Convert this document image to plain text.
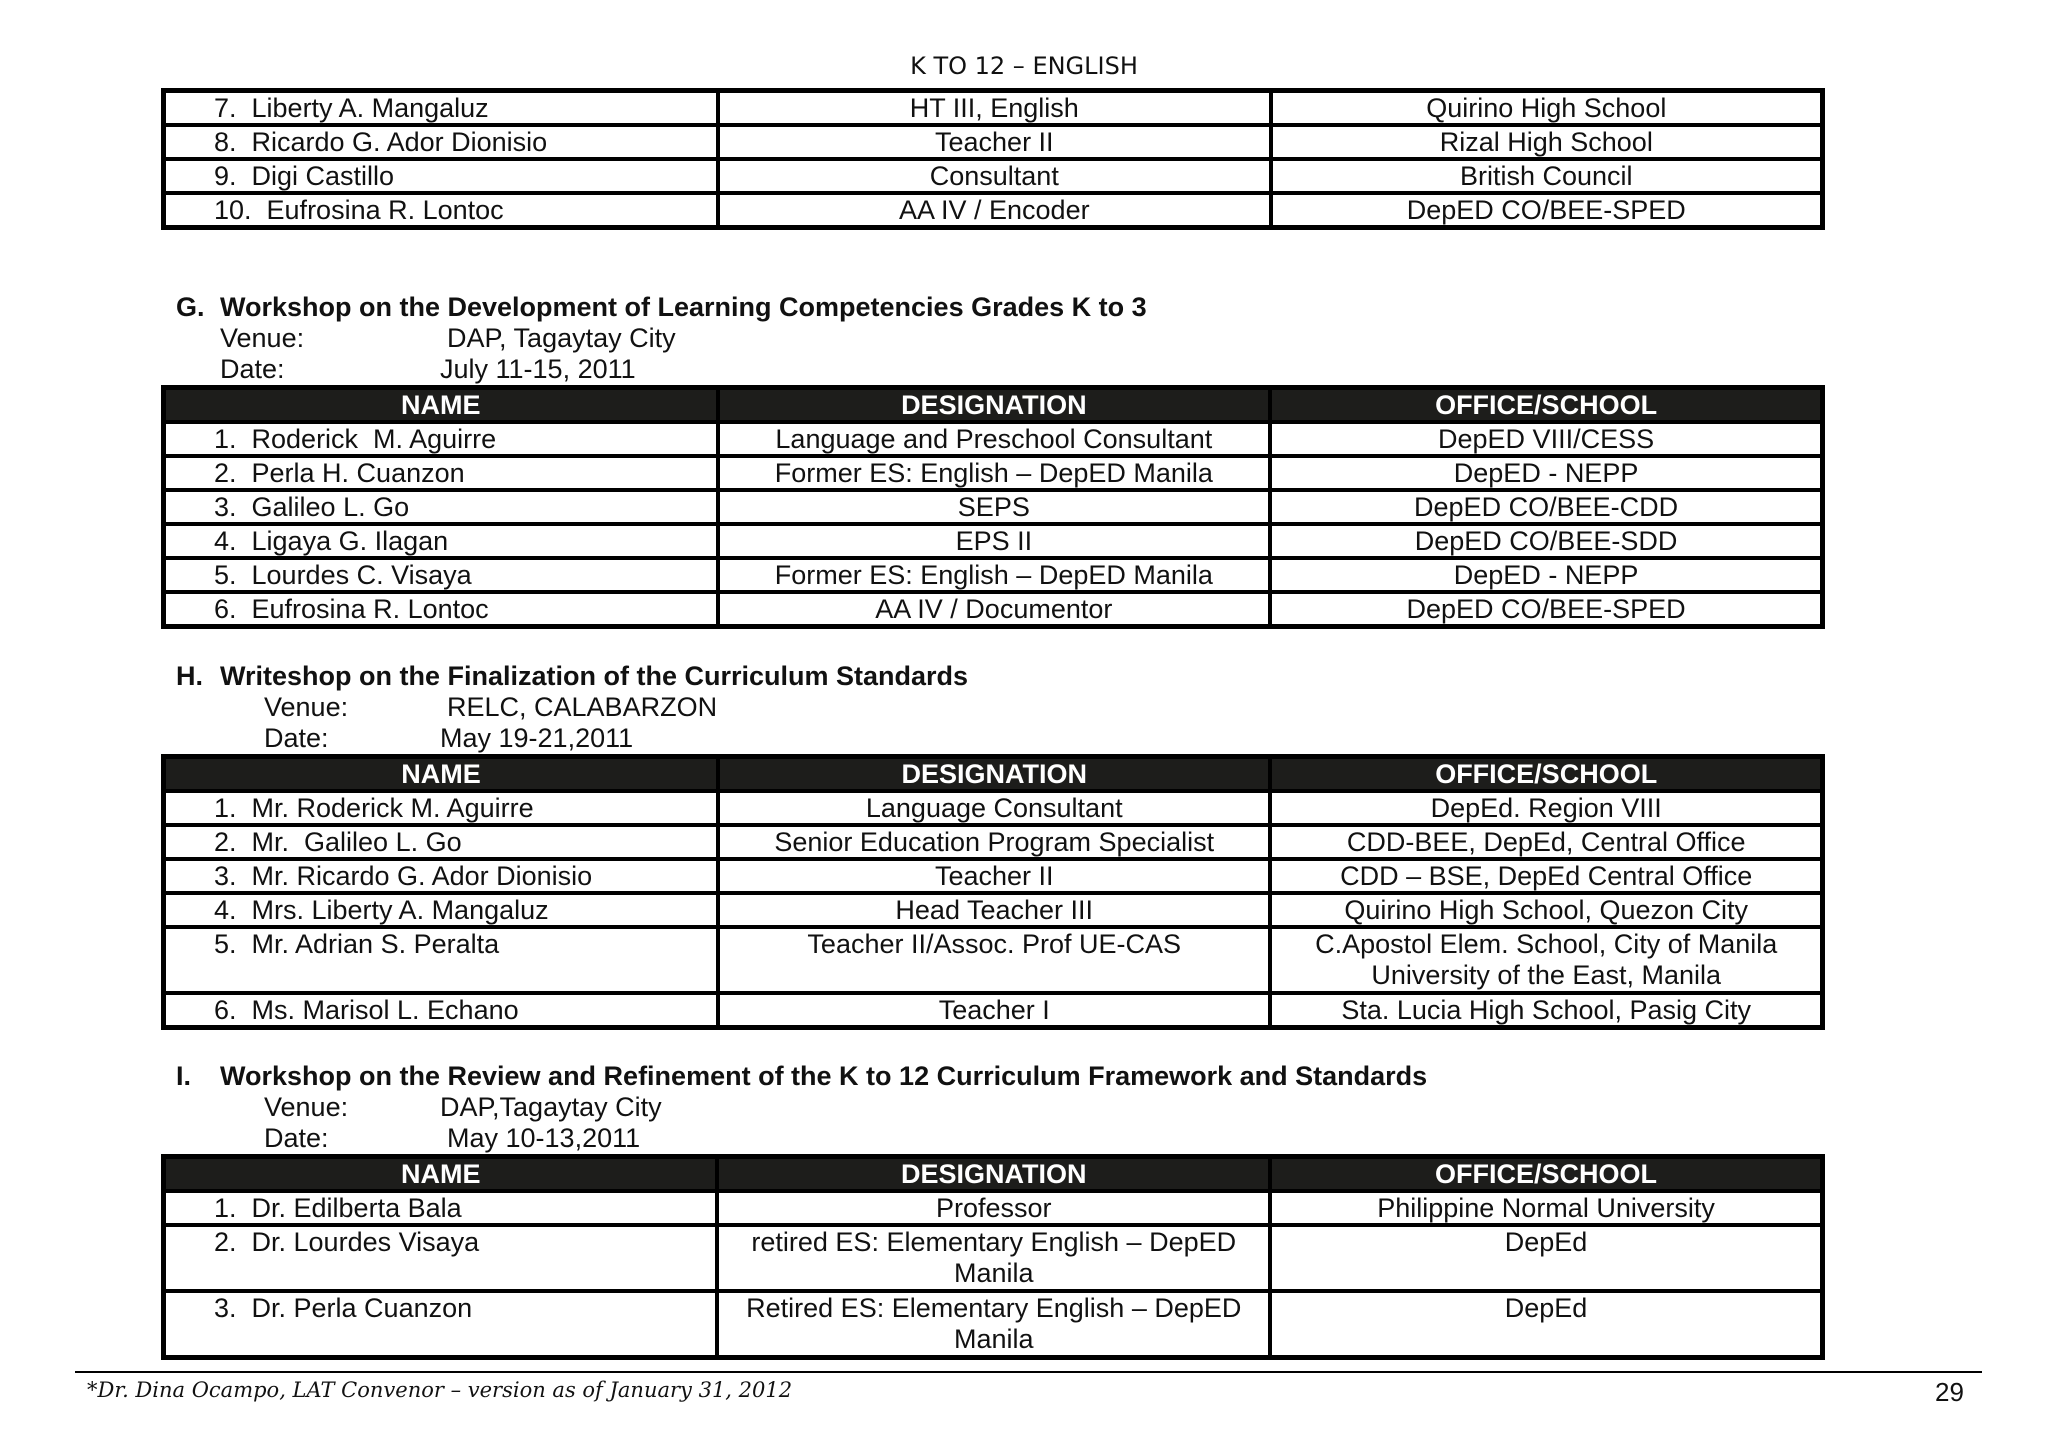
K TO 12 – ENGLISH
7.  Liberty A. Mangaluz	HT III, English	Quirino High School
8.  Ricardo G. Ador Dionisio	Teacher II	Rizal High School
9.  Digi Castillo	Consultant	British Council
10.  Eufrosina R. Lontoc	AA IV / Encoder	DepED CO/BEE-SPED
G. Workshop on the Development of Learning Competencies Grades K to 3
Venue:	DAP, Tagaytay City
Date:	July 11-15, 2011
NAME	DESIGNATION	OFFICE/SCHOOL
1.  Roderick  M. Aguirre	Language and Preschool Consultant	DepED VIII/CESS
2.  Perla H. Cuanzon	Former ES: English – DepED Manila	DepED - NEPP
3.  Galileo L. Go	SEPS	DepED CO/BEE-CDD
4.  Ligaya G. Ilagan	EPS II	DepED CO/BEE-SDD
5.  Lourdes C. Visaya	Former ES: English – DepED Manila	DepED - NEPP
6.  Eufrosina R. Lontoc	AA IV / Documentor	DepED CO/BEE-SPED
H. Writeshop on the Finalization of the Curriculum Standards
Venue:	RELC, CALABARZON
Date:	May 19-21,2011
NAME	DESIGNATION	OFFICE/SCHOOL
1.  Mr. Roderick M. Aguirre	Language Consultant	DepEd. Region VIII
2.  Mr.  Galileo L. Go	Senior Education Program Specialist	CDD-BEE, DepEd, Central Office
3.  Mr. Ricardo G. Ador Dionisio	Teacher II	CDD – BSE, DepEd Central Office
4.  Mrs. Liberty A. Mangaluz	Head Teacher III	Quirino High School, Quezon City
5.  Mr. Adrian S. Peralta	Teacher II/Assoc. Prof UE-CAS	C.Apostol Elem. School, City of Manila
University of the East, Manila
6.  Ms. Marisol L. Echano	Teacher I	Sta. Lucia High School, Pasig City
I. Workshop on the Review and Refinement of the K to 12 Curriculum Framework and Standards
Venue:	DAP,Tagaytay City
Date:	May 10-13,2011
NAME	DESIGNATION	OFFICE/SCHOOL
1.  Dr. Edilberta Bala	Professor	Philippine Normal University
2.  Dr. Lourdes Visaya	retired ES: Elementary English – DepED
Manila	DepEd
3.  Dr. Perla Cuanzon	Retired ES: Elementary English – DepED
Manila	DepEd
*Dr. Dina Ocampo, LAT Convenor – version as of January 31, 2012	29
